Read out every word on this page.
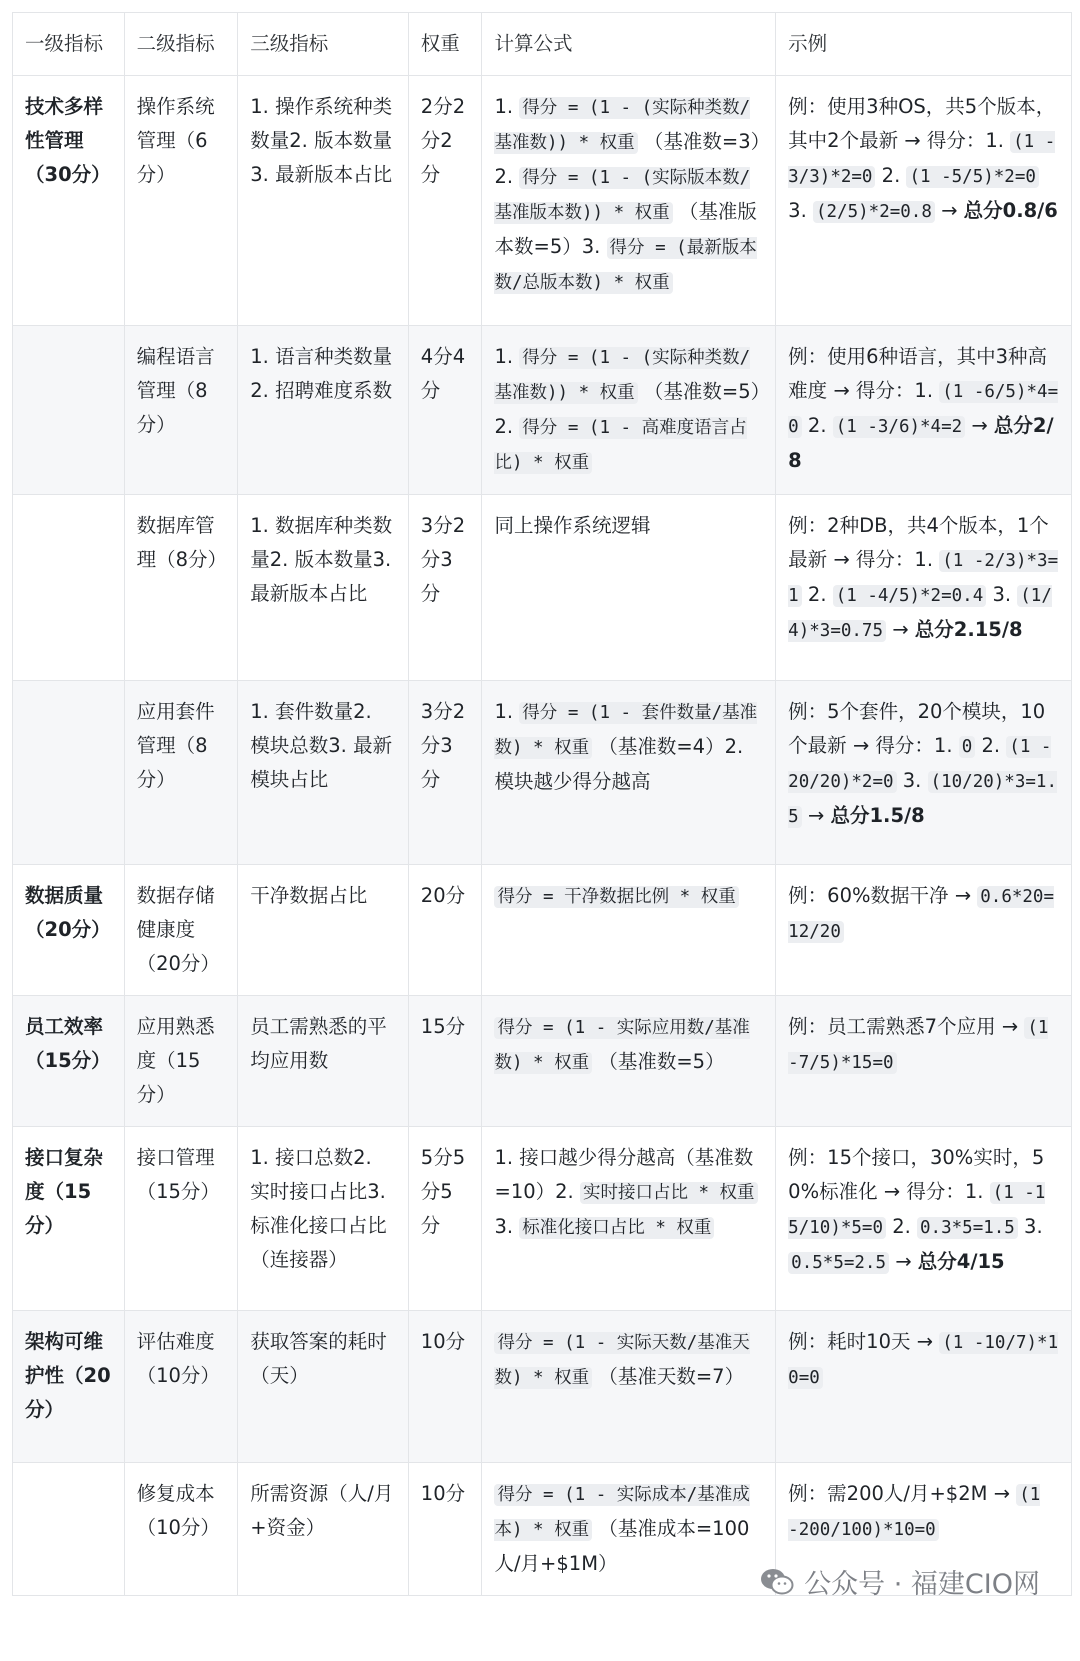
一级指标	二级指标	三级指标	权重	计算公式	示例
技术多样性管理（30分）	操作系统管理（6分）	1. 操作系统种类数量2. 版本数量3. 最新版本占比	2分2分2分	1. 得分 = (1 - (实际种类数/基准数)) * 权重 （基准数=3）2. 得分 = (1 - (实际版本数/基准版本数)) * 权重 （基准版本数=5）3. 得分 = (最新版本数/总版本数) * 权重	例：使用3种OS，共5个版本，其中2个最新 → 得分：1. (1 - 3/3)*2=0 2. (1 -5/5)*2=0 3. (2/5)*2=0.8 → 总分0.8/6
	编程语言管理（8分）	1. 语言种类数量2. 招聘难度系数	4分4分	1. 得分 = (1 - (实际种类数/基准数)) * 权重 （基准数=5）2. 得分 = (1 - 高难度语言占比) * 权重	例：使用6种语言，其中3种高难度 → 得分：1. (1 -6/5)*4=0 2. (1 -3/6)*4=2 → 总分2/8
	数据库管理（8分）	1. 数据库种类数量2. 版本数量3. 最新版本占比	3分2分3分	同上操作系统逻辑	例：2种DB，共4个版本，1个最新 → 得分：1. (1 -2/3)*3=1 2. (1 -4/5)*2=0.4 3. (1/4)*3=0.75 → 总分2.15/8
	应用套件管理（8分）	1. 套件数量2. 模块总数3. 最新模块占比	3分2分3分	1. 得分 = (1 - 套件数量/基准数) * 权重 （基准数=4）2. 模块越少得分越高	例：5个套件，20个模块，10个最新 → 得分：1. 0 2. (1 -20/20)*2=0 3. (10/20)*3=1.5 → 总分1.5/8
数据质量（20分）	数据存储健康度（20分）	干净数据占比	20分	得分 = 干净数据比例 * 权重	例：60%数据干净 → 0.6*20=12/20
员工效率（15分）	应用熟悉度（15分）	员工需熟悉的平均应用数	15分	得分 = (1 - 实际应用数/基准数) * 权重 （基准数=5）	例：员工需熟悉7个应用 → (1 -7/5)*15=0
接口复杂度（15分）	接口管理（15分）	1. 接口总数2. 实时接口占比3. 标准化接口占比（连接器）	5分5分5分	1. 接口越少得分越高（基准数=10）2. 实时接口占比 * 权重 3. 标准化接口占比 * 权重	例：15个接口，30%实时，50%标准化 → 得分：1. (1 -15/10)*5=0 2. 0.3*5=1.5 3. 0.5*5=2.5 → 总分4/15
架构可维护性（20分）	评估难度（10分）	获取答案的耗时（天）	10分	得分 = (1 - 实际天数/基准天数) * 权重 （基准天数=7）	例：耗时10天 → (1 -10/7)*10=0
	修复成本（10分）	所需资源（人/月+资金）	10分	得分 = (1 - 实际成本/基准成本) * 权重 （基准成本=100人/月+$1M）	例：需200人/月+$2M → (1 -200/100)*10=0
公众号 · 福建CIO网
